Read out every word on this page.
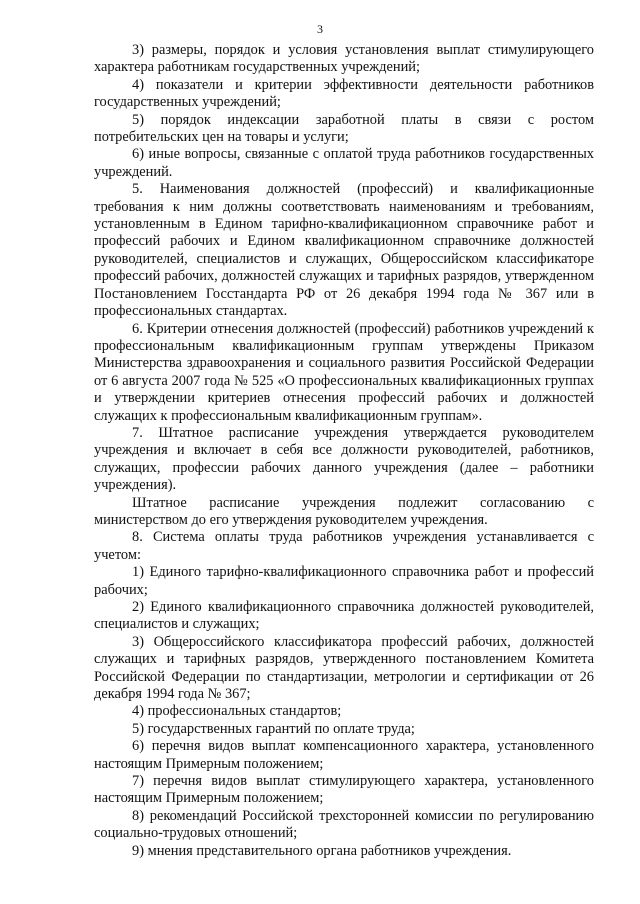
3

3) размеры, порядок и условия установления выплат стимулирующего характера работникам государственных учреждений;

4) показатели и критерии эффективности деятельности работников государственных учреждений;

5) порядок индексации заработной платы в связи с ростом потребительских цен на товары и услуги;

6) иные вопросы, связанные с оплатой труда работников государственных учреждений.

5. Наименования должностей (профессий) и квалификационные требования к ним должны соответствовать наименованиям и требованиям, установленным в Едином тарифно-квалификационном справочнике работ и профессий рабочих и Едином квалификационном справочнике должностей руководителей, специалистов и служащих, Общероссийском классификаторе профессий рабочих, должностей служащих и тарифных разрядов, утвержденном Постановлением Госстандарта РФ от 26 декабря 1994 года № 367 или в профессиональных стандартах.

6. Критерии отнесения должностей (профессий) работников учреждений к профессиональным квалификационным группам утверждены Приказом Министерства здравоохранения и социального развития Российской Федерации от 6 августа 2007 года № 525 «О профессиональных квалификационных группах и утверждении критериев отнесения профессий рабочих и должностей служащих к профессиональным квалификационным группам».

7. Штатное расписание учреждения утверждается руководителем учреждения и включает в себя все должности руководителей, работников, служащих, профессии рабочих данного учреждения (далее – работники учреждения).

Штатное расписание учреждения подлежит согласованию с министерством до его утверждения руководителем учреждения.

8. Система оплаты труда работников учреждения устанавливается с учетом:

1) Единого тарифно-квалификационного справочника работ и профессий рабочих;

2) Единого квалификационного справочника должностей руководителей, специалистов и служащих;

3) Общероссийского классификатора профессий рабочих, должностей служащих и тарифных разрядов, утвержденного постановлением Комитета Российской Федерации по стандартизации, метрологии и сертификации от 26 декабря 1994 года № 367;

4) профессиональных стандартов;

5) государственных гарантий по оплате труда;

6) перечня видов выплат компенсационного характера, установленного настоящим Примерным положением;

7) перечня видов выплат стимулирующего характера, установленного настоящим Примерным положением;

8) рекомендаций Российской трехсторонней комиссии по регулированию социально-трудовых отношений;

9) мнения представительного органа работников учреждения.
